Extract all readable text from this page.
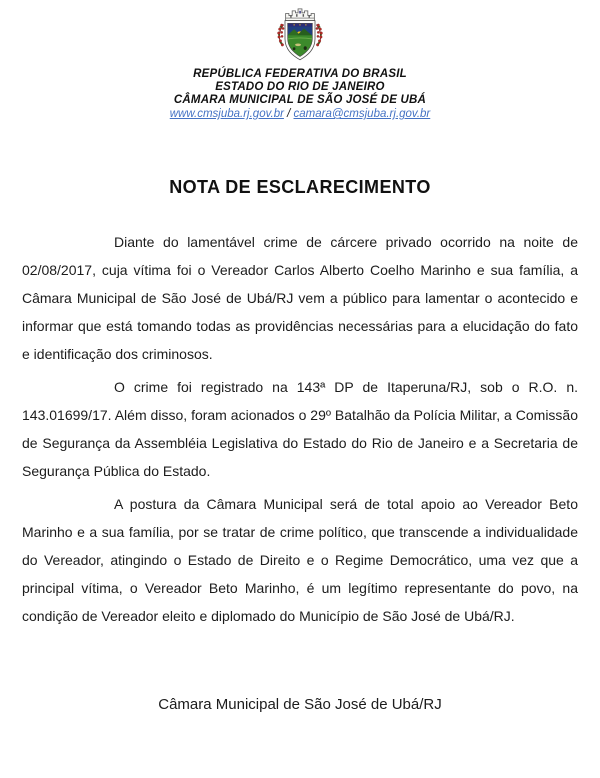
REPÚBLICA FEDERATIVA DO BRASIL
ESTADO DO RIO DE JANEIRO
CÂMARA MUNICIPAL DE SÃO JOSÉ DE UBÁ
www.cmsjuba.rj.gov.br / camara@cmsjuba.rj.gov.br
NOTA DE ESCLARECIMENTO

Diante do lamentável crime de cárcere privado ocorrido na noite de 02/08/2017, cuja vítima foi o Vereador Carlos Alberto Coelho Marinho e sua família, a Câmara Municipal de São José de Ubá/RJ vem a público para lamentar o acontecido e informar que está tomando todas as providências necessárias para a elucidação do fato e identificação dos criminosos.

O crime foi registrado na 143ª DP de Itaperuna/RJ, sob o R.O. n. 143.01699/17. Além disso, foram acionados o 29º Batalhão da Polícia Militar, a Comissão de Segurança da Assembléia Legislativa do Estado do Rio de Janeiro e a Secretaria de Segurança Pública do Estado.

A postura da Câmara Municipal será de total apoio ao Vereador Beto Marinho e a sua família, por se tratar de crime político, que transcende a individualidade do Vereador, atingindo o Estado de Direito e o Regime Democrático, uma vez que a principal vítima, o Vereador Beto Marinho, é um legítimo representante do povo, na condição de Vereador eleito e diplomado do Município de São José de Ubá/RJ.

Câmara Municipal de São José de Ubá/RJ
